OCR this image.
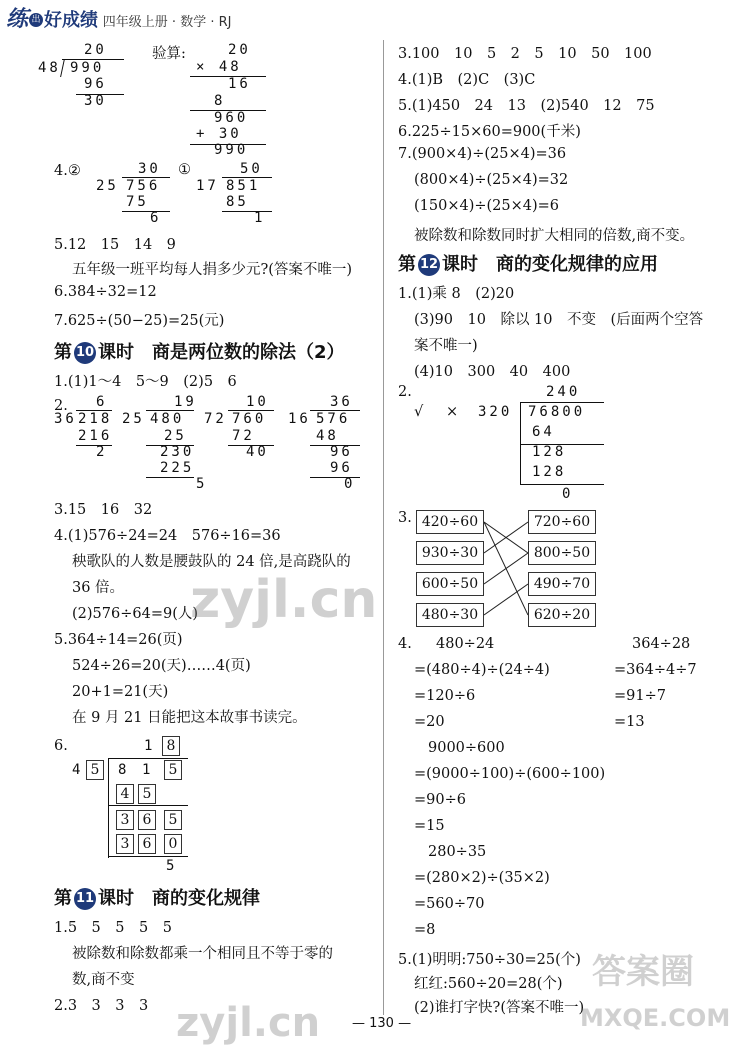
练 出 好成绩 四年级上册 · 数学 · RJ
20
48 990
96
30
验算:	20
× 48
16
8
960
+ 30
990
4.②	30
25 756
75
6
①	50
17 851
85
1
5.12　15　14　9
五年级一班平均每人捐多少元?(答案不唯一)
6.384÷32=12
7.625÷(50−25)=25(元)
第 10 课时　商是两位数的除法（2）
1.(1)1～4　5～9　(2)5　6
2. 6
36 218
216
2
19
25 480
25
230
225
5
10
72 760
72
40
36
16 576
48
96
96
0
3.15　16　32
4.(1)576÷24=24　576÷16=36
秧歌队的人数是腰鼓队的 24 倍,是高跷队的
36 倍。
(2)576÷64=9(人)
5.364÷14=26(页)
524÷26=20(天)……4(页)
20+1=21(天)
在 9 月 21 日能把这本故事书读完。
6.	1 8
4 5	8 1	5
4 5
3 6	5
3 6	0
5
第 11 课时　商的变化规律
1.5　5　5　5　5
被除数和除数都乘一个相同且不等于零的
数,商不变
2.3　3　3　3
3.100　10　5　2　5　10　50　100
4.(1)B　(2)C　(3)C
5.(1)450　24　13　(2)540　12　75
6.225÷15×60=900(千米)
7.(900×4)÷(25×4)=36
(800×4)÷(25×4)=32
(150×4)÷(25×4)=6
被除数和除数同时扩大相同的倍数,商不变。
第 12 课时　商的变化规律的应用
1.(1)乘 8　(2)20
(3)90　10　除以 10　不变　(后面两个空答
案不唯一)
(4)10　300　40　400
2.
√ ×
240
320 76800
64
128
128
0
3. 420÷60
930÷30
600÷50
480÷30
720÷60
800÷50
490÷70
620÷20
4. 480÷24
=(480÷4)÷(24÷4)
=120÷6
=20
364÷28
=364÷4÷7
=91÷7
=13
9000÷600
=(9000÷100)÷(600÷100)
=90÷6
=15
280÷35
=(280×2)÷(35×2)
=560÷70
=8
5.(1)明明:750÷30=25(个)
红红:560÷20=28(个)
(2)谁打字快?(答案不唯一)
zyjl.cn
zyjl.cn
答案圈
MXQE.COM
— 130 —
